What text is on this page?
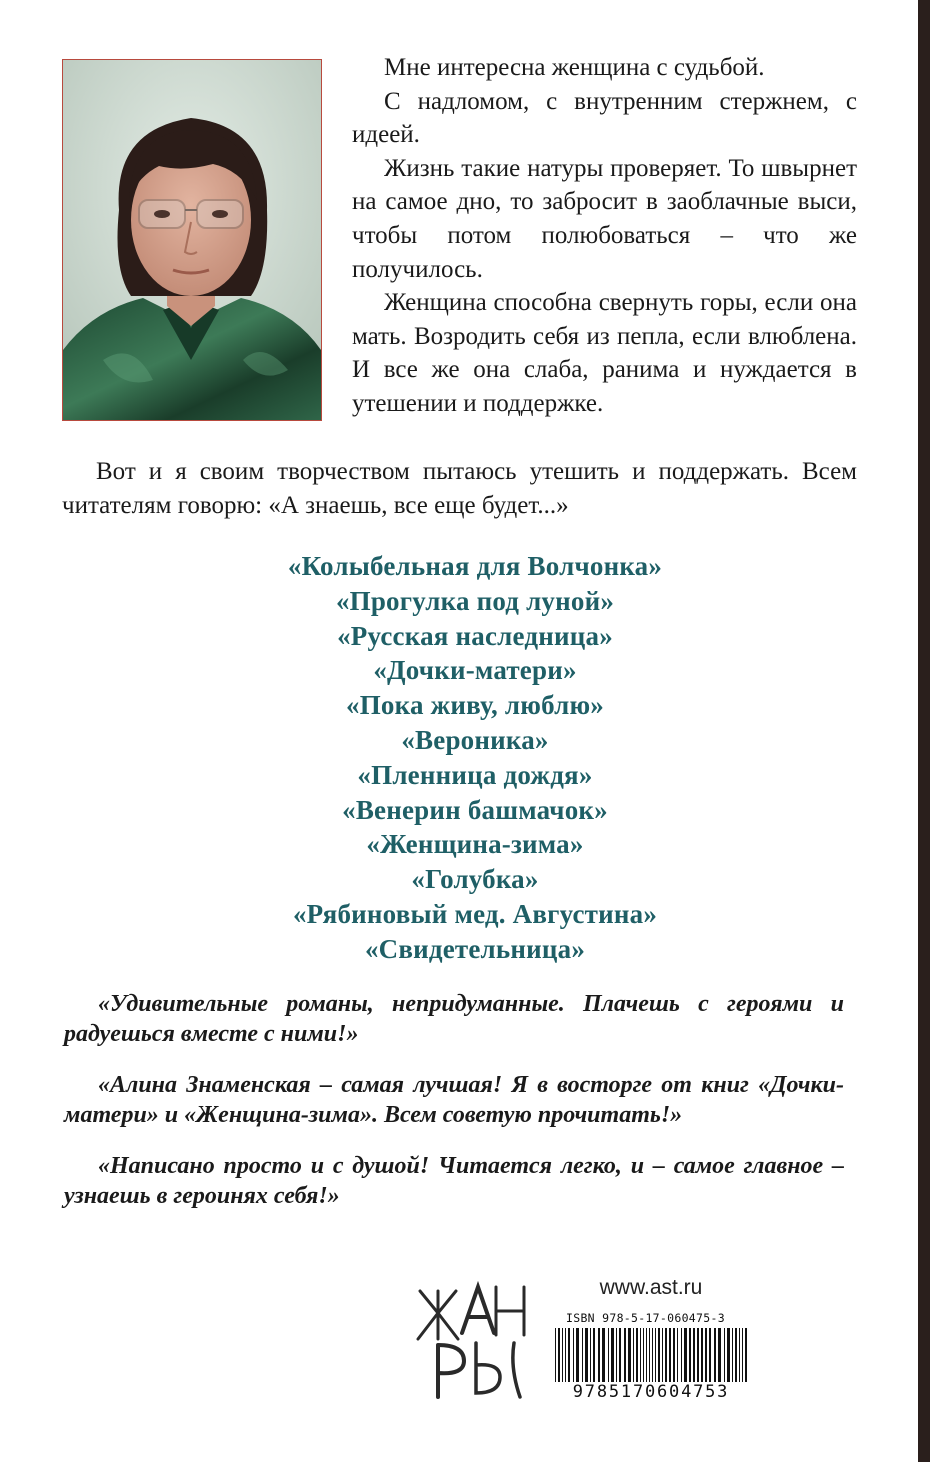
Мне интересна женщина с судьбой.

С надломом, с внутренним стержнем, с идеей.

Жизнь такие натуры проверяет. То швырнет на самое дно, то забросит в заоблачные выси, чтобы потом полюбоваться – что же получилось.

Женщина способна свернуть горы, если она мать. Возродить себя из пепла, если влюблена. И все же она слаба, ранима и нуждается в утешении и поддержке.

Вот и я своим творчеством пытаюсь утешить и поддержать. Всем читателям говорю: «А знаешь, все еще будет...»

«Колыбельная для Волчонка»
«Прогулка под луной»
«Русская наследница»
«Дочки-матери»
«Пока живу, люблю»
«Вероника»
«Пленница дождя»
«Венерин башмачок»
«Женщина-зима»
«Голубка»
«Рябиновый мед. Августина»
«Свидетельница»

«Удивительные романы, непридуманные. Плачешь с героями и радуешься вместе с ними!»

«Алина Знаменская – самая лучшая! Я в восторге от книг «Дочки-матери» и «Женщина-зима». Всем советую прочитать!»

«Написано просто и с душой! Читается легко, и – самое главное – узнаешь в героинях себя!»

www.ast.ru
ISBN 978-5-17-060475-3
9785170604753
